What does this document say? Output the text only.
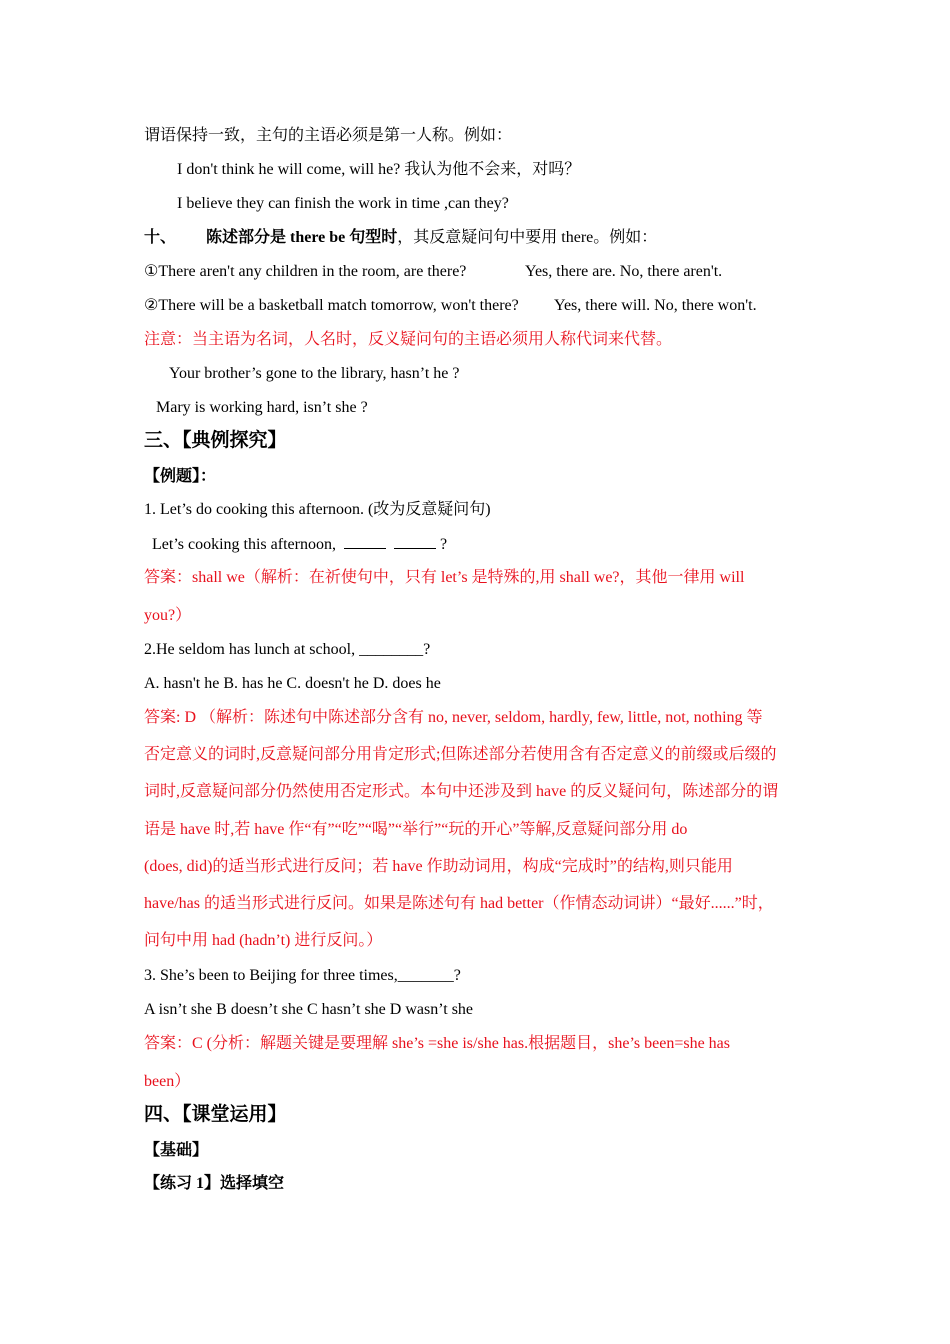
谓语保持一致，主句的主语必须是第一人称。例如：
I don't think he will come, will he? 我认为他不会来，对吗？
I believe they can finish the work in time ,can they?
十、 陈述部分是 there be 句型时，其反意疑问句中要用 there。例如：
①There aren't any children in the room, are there?	Yes, there are. No, there aren't.
②There will be a basketball match tomorrow, won't there? Yes, there will. No, there won't.
注意：当主语为名词，人名时，反义疑问句的主语必须用人称代词来代替。
Your brother’s gone to the library, hasn’t he ?
Mary is working hard, isn’t she ?
三、【典例探究】
【例题】：
1. Let’s do cooking this afternoon. (改为反意疑问句)
Let’s cooking this afternoon,	?
答案：shall we（解析：在祈使句中，只有 let’s 是特殊的,用 shall we?，其他一律用 will
you?）
2.He seldom has lunch at school, ________?
A. hasn't he B. has he C. doesn't he D. does he
答案: D （解析：陈述句中陈述部分含有 no, never, seldom, hardly, few, little, not, nothing 等
否定意义的词时,反意疑问部分用肯定形式;但陈述部分若使用含有否定意义的前缀或后缀的
词时,反意疑问部分仍然使用否定形式。本句中还涉及到 have 的反义疑问句，陈述部分的谓
语是 have 时,若 have 作“有”“吃”“喝”“举行”“玩的开心”等解,反意疑问部分用 do
(does, did)的适当形式进行反问；若 have 作助动词用，构成“完成时”的结构,则只能用
have/has 的适当形式进行反问。如果是陈述句有 had better（作情态动词讲）“最好......”时，
问句中用 had (hadn’t) 进行反问。）
3. She’s been to Beijing for three times,_______?
A isn’t she B doesn’t she C hasn’t she D wasn’t she
答案：C (分析：解题关键是要理解 she’s =she is/she has.根据题目，she’s been=she has
been）
四、【课堂运用】
【基础】
【练习 1】选择填空
